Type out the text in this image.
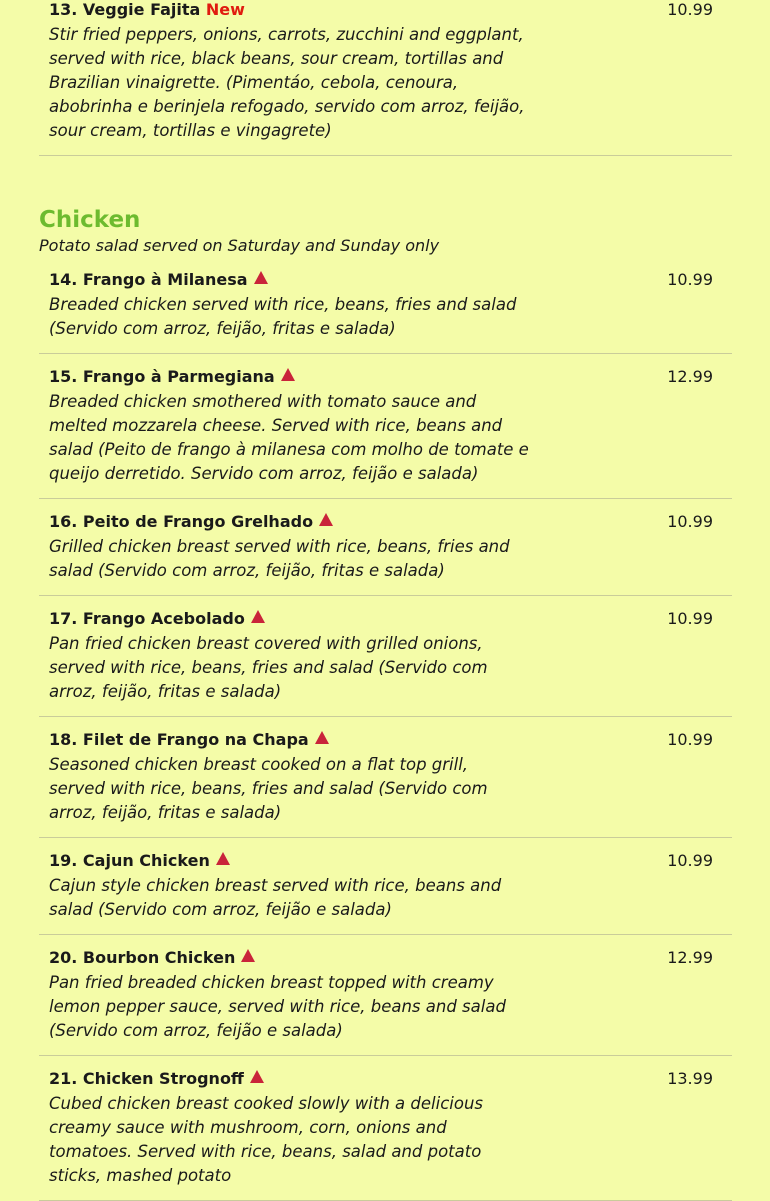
13. Veggie Fajita New	10.99
Stir fried peppers, onions, carrots, zucchini and eggplant, served with rice, black beans, sour cream, tortillas and Brazilian vinaigrette. (Pimentáo, cebola, cenoura, abobrinha e berinjela refogado, servido com arroz, feijão, sour cream, tortillas e vingagrete)
Chicken
Potato salad served on Saturday and Sunday only
14. Frango à Milanesa	10.99
Breaded chicken served with rice, beans, fries and salad (Servido com arroz, feijão, fritas e salada)
15. Frango à Parmegiana	12.99
Breaded chicken smothered with tomato sauce and melted mozzarela cheese. Served with rice, beans and salad (Peito de frango à milanesa com molho de tomate e queijo derretido. Servido com arroz, feijão e salada)
16. Peito de Frango Grelhado	10.99
Grilled chicken breast served with rice, beans, fries and salad (Servido com arroz, feijão, fritas e salada)
17. Frango Acebolado	10.99
Pan fried chicken breast covered with grilled onions, served with rice, beans, fries and salad (Servido com arroz, feijão, fritas e salada)
18. Filet de Frango na Chapa	10.99
Seasoned chicken breast cooked on a flat top grill, served with rice, beans, fries and salad (Servido com arroz, feijão, fritas e salada)
19. Cajun Chicken	10.99
Cajun style chicken breast served with rice, beans and salad (Servido com arroz, feijão e salada)
20. Bourbon Chicken	12.99
Pan fried breaded chicken breast topped with creamy lemon pepper sauce, served with rice, beans and salad (Servido com arroz, feijão e salada)
21. Chicken Strognoff	13.99
Cubed chicken breast cooked slowly with a delicious creamy sauce with mushroom, corn, onions and tomatoes. Served with rice, beans, salad and potato sticks, mashed potato
